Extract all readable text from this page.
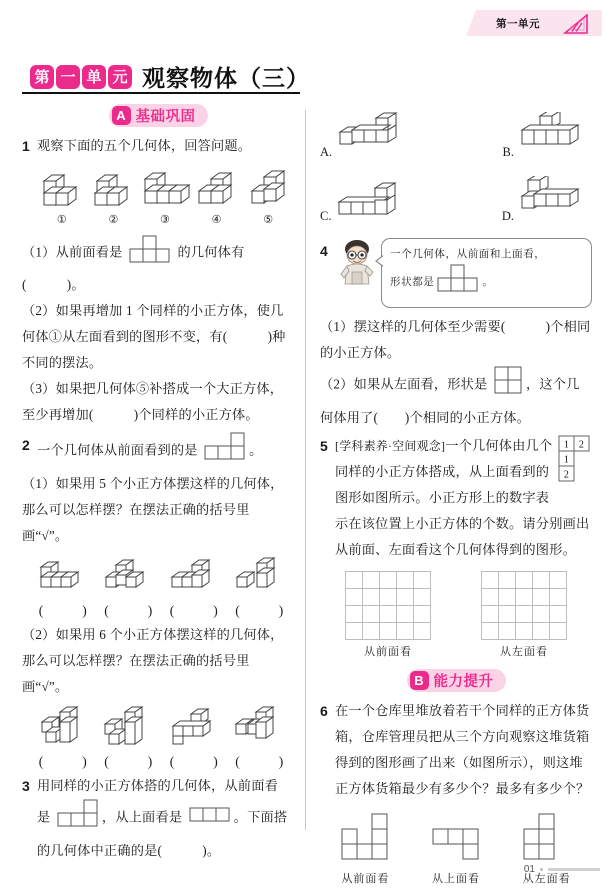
第一单元
第 一 单 元 观察物体（三）
A 基础巩固
1 观察下面的五个几何体，回答问题。

①	②	③	④	⑤

（1）从前面看是	的几何体有(　　　)。

（2）如果再增加 1 个同样的小正方体，使几何体①从左面看到的图形不变，有(　　　)种不同的摆法。

（3）如果把几何体⑤补搭成一个大正方体，至少再增加(　　　)个同样的小正方体。

2 一个几何体从前面看到的是	。

（1）如果用 5 个小正方体摆这样的几何体，那么可以怎样摆？在摆法正确的括号里画“√”。

(　　)	(　　)	(　　)	(　　)

（2）如果用 6 个小正方体摆这样的几何体，那么可以怎样摆？在摆法正确的括号里画“√”。

(　　)	(　　)	(　　)	(　　)
3 用同样的小正方体搭的几何体，从前面看

是	，从上面看是	。下面搭的几何体中正确的是(　　　)。

A.	B.
C.	D.
4	一个几何体，从前面和上面看，
形状都是	。

（1）摆这样的几何体至少需要(　　　)个相同的小正方体。

（2）如果从左面看，形状是	，这个几何体用了(　　)个相同的小正方体。

5	1 2
1
2
[学科素养·空间观念]一个几何体由几个同样的小正方体搭成，从上面看到的图形如图所示。小正方形上的数字表示在该位置上小正方体的个数。请分别画出从前面、左面看这个几何体得到的图形。

从前面看

					从左面看
B 能力提升
6 在一个仓库里堆放着若干个同样的正方体货箱，仓库管理员把从三个方向观察这堆货箱得到的图形画了出来（如图所示），则这堆正方体货箱最少有多少个？最多有多少个？

从前面看	从上面看	从左面看
01
